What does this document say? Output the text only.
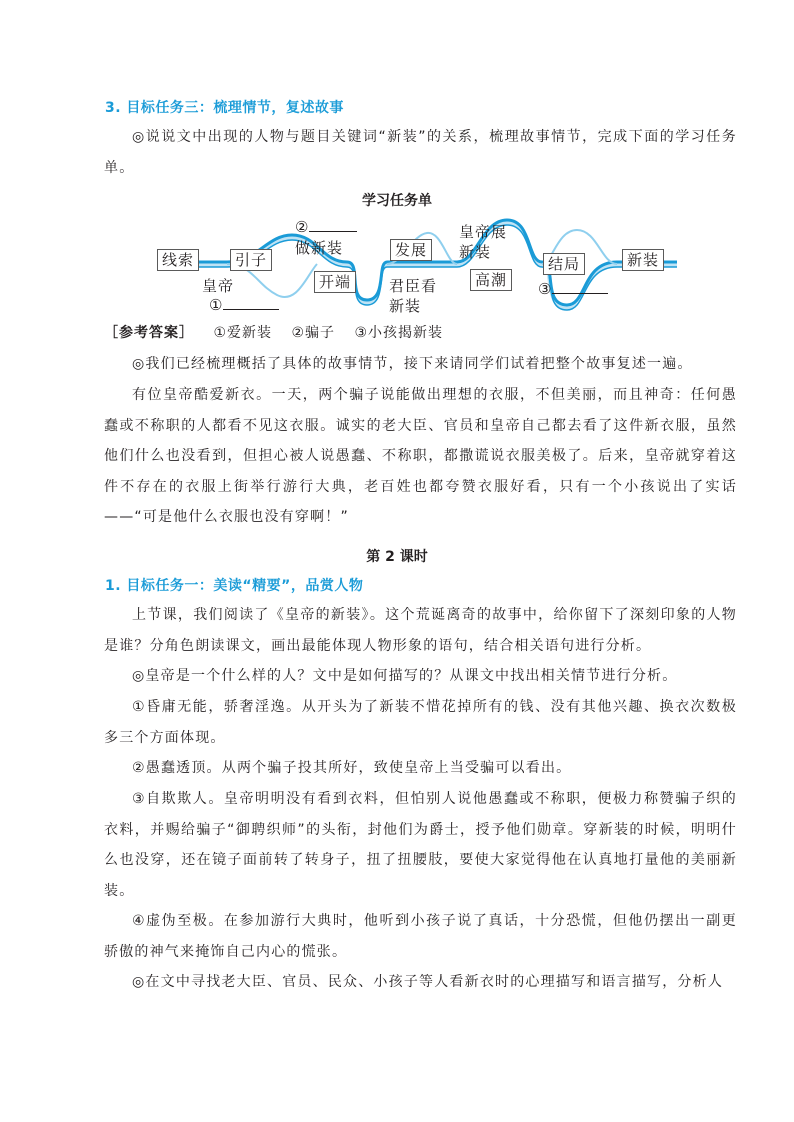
3. 目标任务三：梳理情节，复述故事

◎说说文中出现的人物与题目关键词“新装”的关系，梳理故事情节，完成下面的学习任务单。

学习任务单
线索	引子
开端
发展
高潮
结局	新装
皇帝
①
②
做新装
君臣看
新装
皇帝展
新装
③
［参考答案］ ①爱新装 ②骗子 ③小孩揭新装

◎我们已经梳理概括了具体的故事情节，接下来请同学们试着把整个故事复述一遍。

有位皇帝酷爱新衣。一天，两个骗子说能做出理想的衣服，不但美丽，而且神奇：任何愚蠢或不称职的人都看不见这衣服。诚实的老大臣、官员和皇帝自己都去看了这件新衣服，虽然他们什么也没看到，但担心被人说愚蠢、不称职，都撒谎说衣服美极了。后来，皇帝就穿着这件不存在的衣服上街举行游行大典，老百姓也都夸赞衣服好看，只有一个小孩说出了实话——“可是他什么衣服也没有穿啊！”

第 2 课时
1. 目标任务一：美读“精要”，品赏人物

上节课，我们阅读了《皇帝的新装》。这个荒诞离奇的故事中，给你留下了深刻印象的人物是谁？分角色朗读课文，画出最能体现人物形象的语句，结合相关语句进行分析。

◎皇帝是一个什么样的人？文中是如何描写的？从课文中找出相关情节进行分析。

①昏庸无能，骄奢淫逸。从开头为了新装不惜花掉所有的钱、没有其他兴趣、换衣次数极多三个方面体现。

②愚蠢透顶。从两个骗子投其所好，致使皇帝上当受骗可以看出。

③自欺欺人。皇帝明明没有看到衣料，但怕别人说他愚蠢或不称职，便极力称赞骗子织的衣料，并赐给骗子“御聘织师”的头衔，封他们为爵士，授予他们勋章。穿新装的时候，明明什么也没穿，还在镜子面前转了转身子，扭了扭腰肢，要使大家觉得他在认真地打量他的美丽新装。

④虚伪至极。在参加游行大典时，他听到小孩子说了真话，十分恐慌，但他仍摆出一副更骄傲的神气来掩饰自己内心的慌张。

◎在文中寻找老大臣、官员、民众、小孩子等人看新衣时的心理描写和语言描写，分析人
